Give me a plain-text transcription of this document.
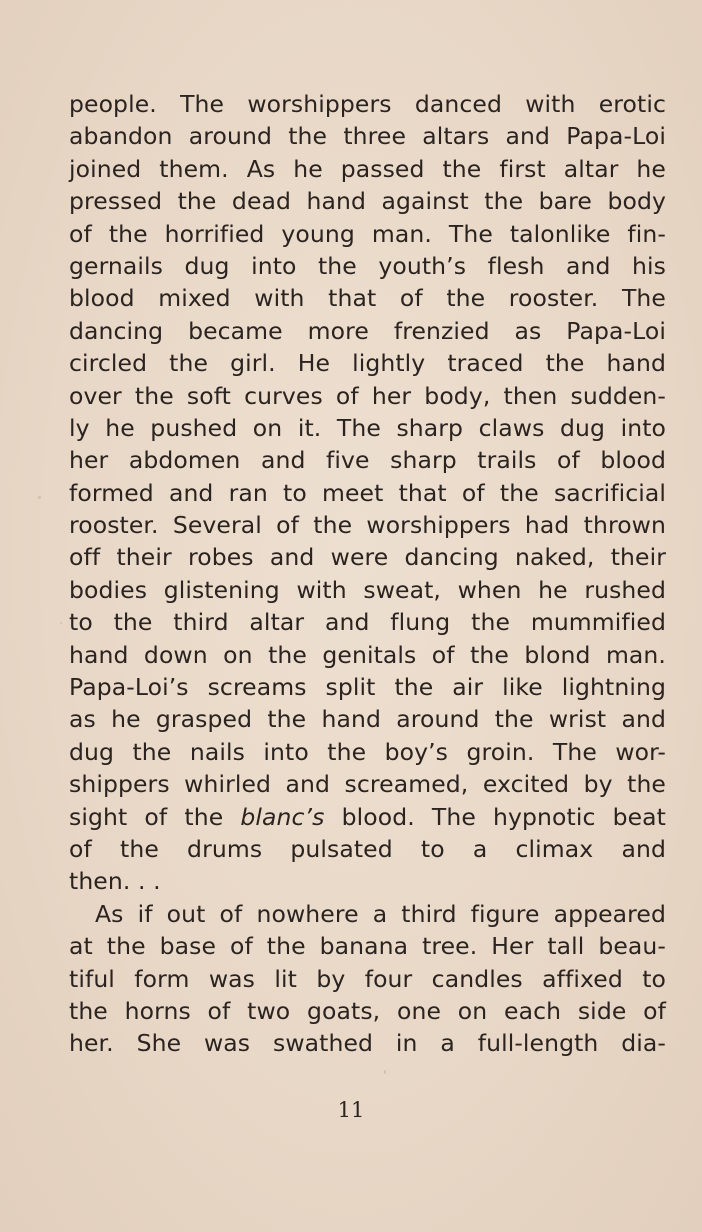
people. The worshippers danced with erotic
abandon around the three altars and Papa-Loi
joined them. As he passed the first altar he
pressed the dead hand against the bare body
of the horrified young man. The talonlike fin-
gernails dug into the youth’s flesh and his
blood mixed with that of the rooster. The
dancing became more frenzied as Papa-Loi
circled the girl. He lightly traced the hand
over the soft curves of her body, then sudden-
ly he pushed on it. The sharp claws dug into
her abdomen and five sharp trails of blood
formed and ran to meet that of the sacrificial
rooster. Several of the worshippers had thrown
off their robes and were dancing naked, their
bodies glistening with sweat, when he rushed
to the third altar and flung the mummified
hand down on the genitals of the blond man.
Papa-Loi’s screams split the air like lightning
as he grasped the hand around the wrist and
dug the nails into the boy’s groin. The wor-
shippers whirled and screamed, excited by the
sight of the blanc’s blood. The hypnotic beat
of the drums pulsated to a climax and
then. . .
As if out of nowhere a third figure appeared
at the base of the banana tree. Her tall beau-
tiful form was lit by four candles affixed to
the horns of two goats, one on each side of
her. She was swathed in a full-length dia-
11
